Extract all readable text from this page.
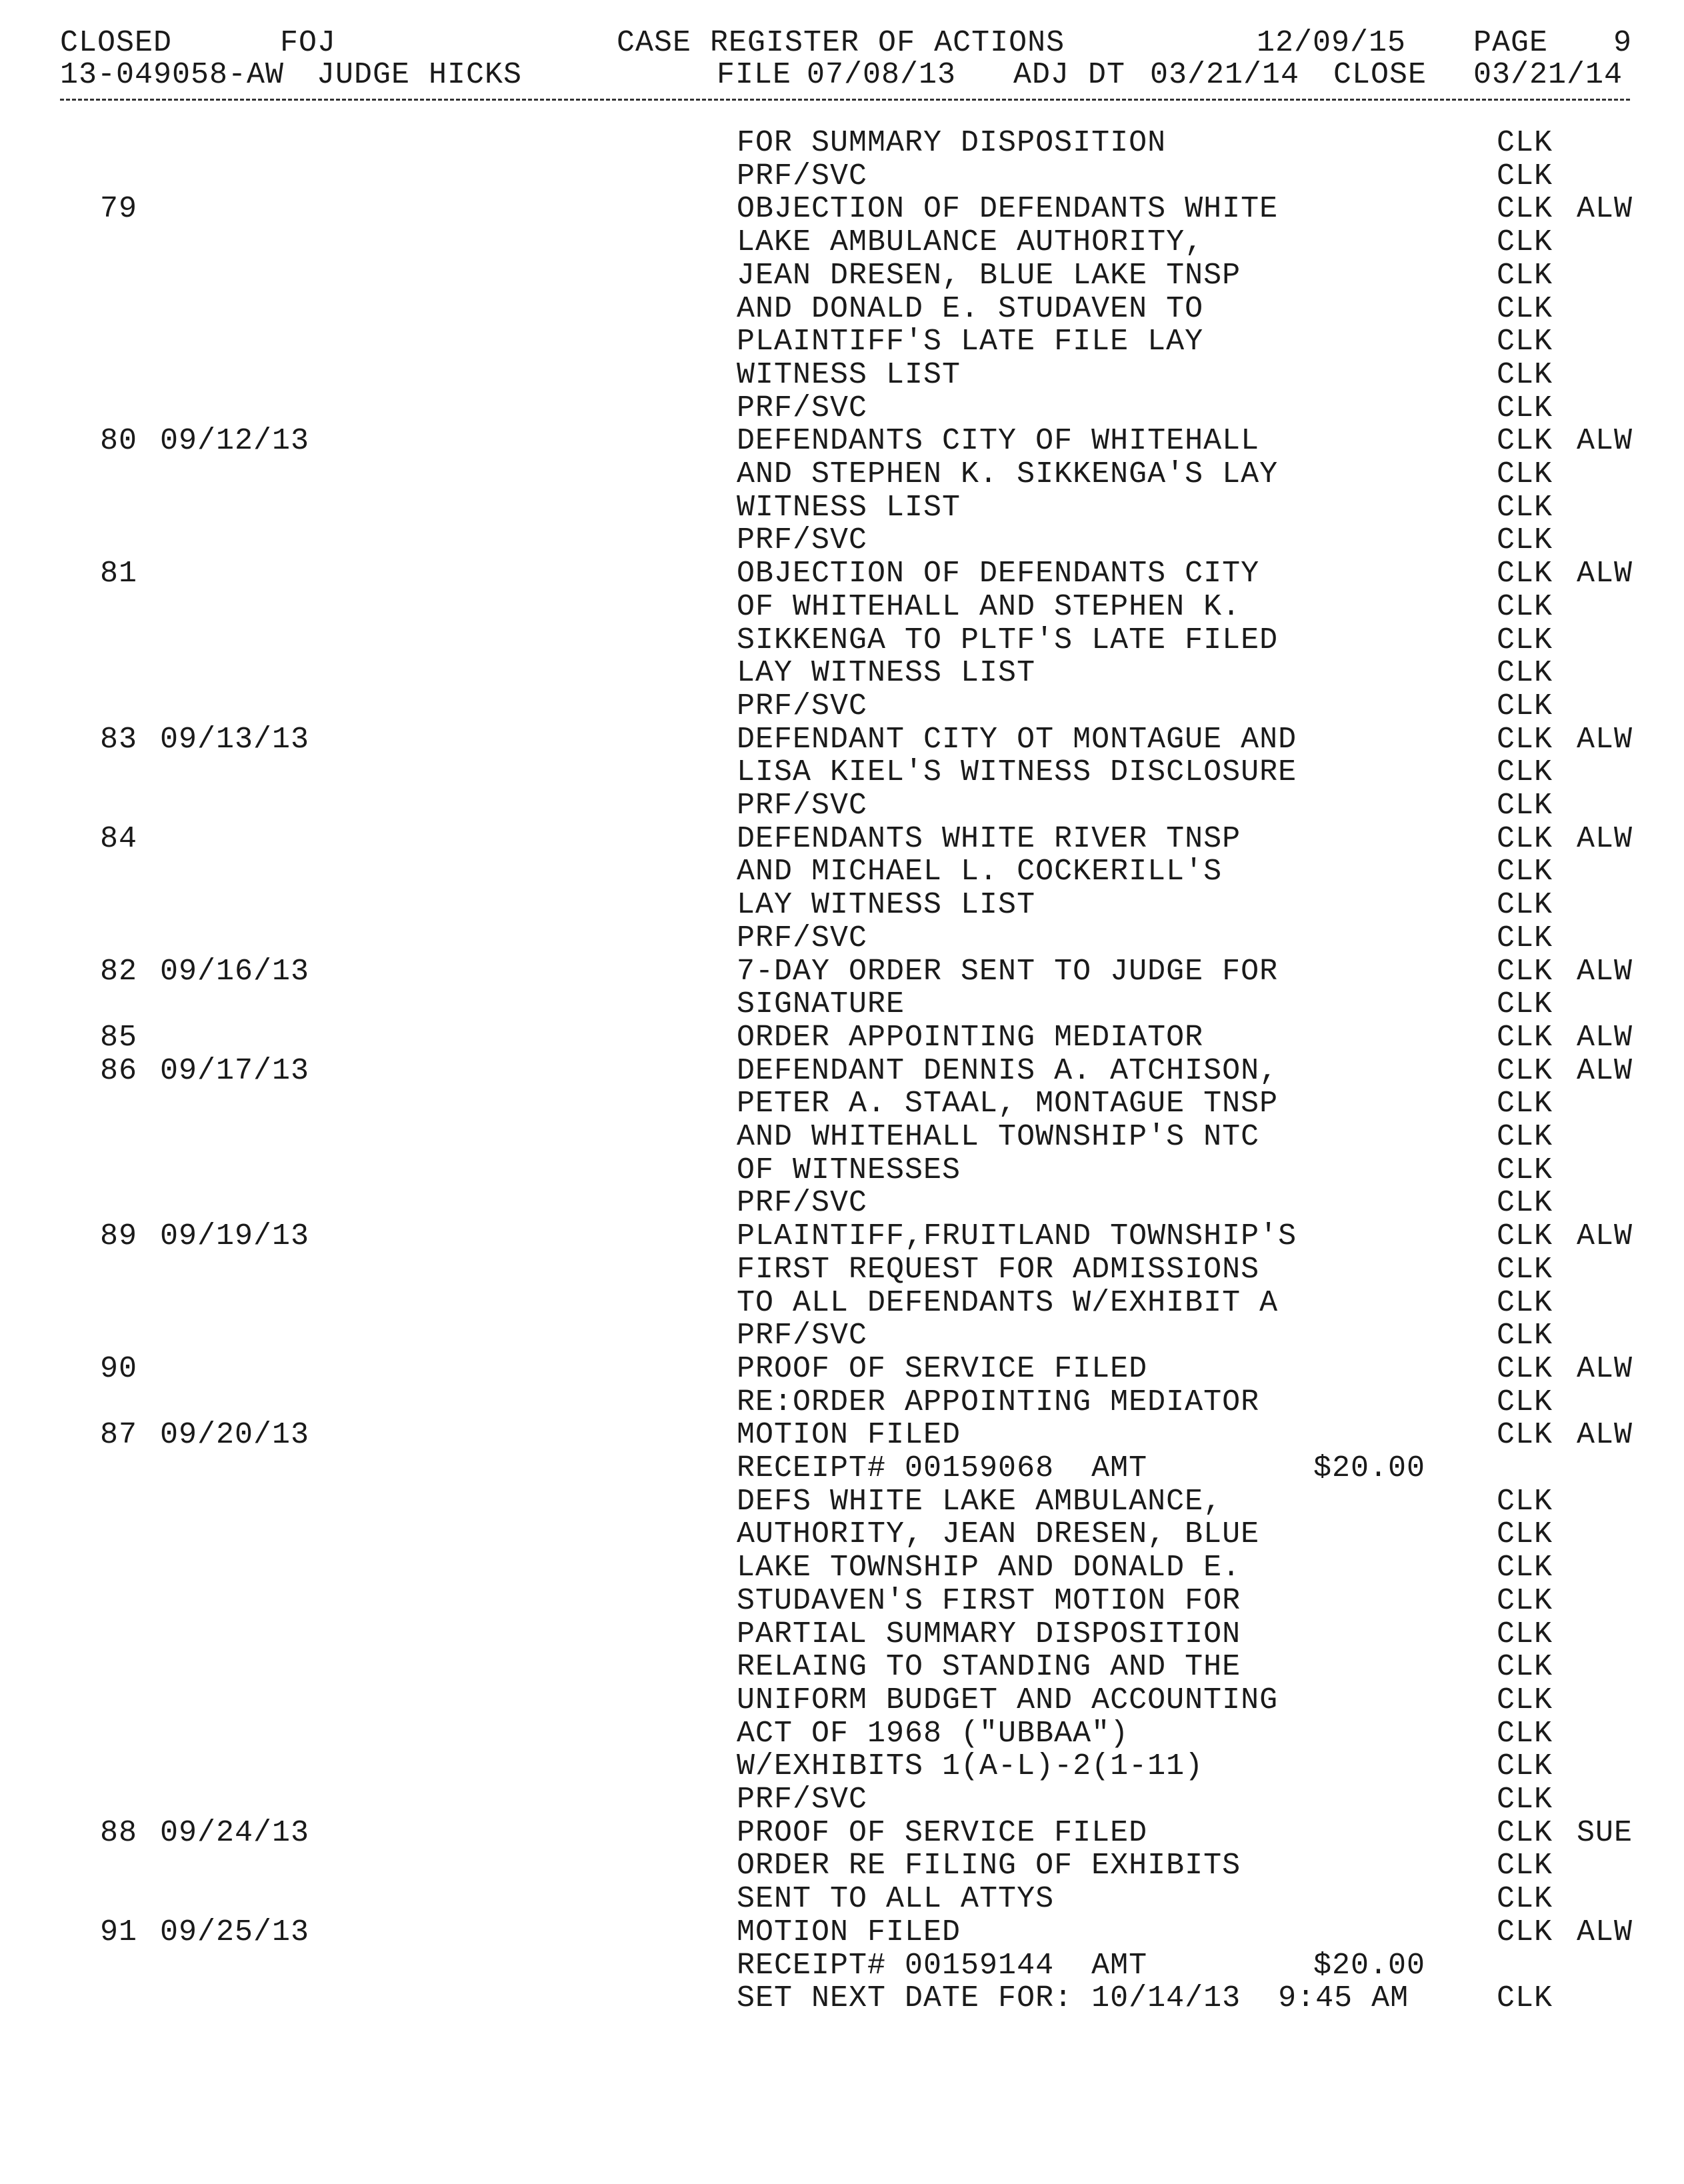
CLOSED	FOJ	CASE REGISTER OF ACTIONS	12/09/15 PAGE 9
13-049058-AW JUDGE HICKS	FILE 07/08/13 ADJ DT 03/21/14 CLOSE 03/21/14
FOR SUMMARY DISPOSITION	CLK
PRF/SVC	CLK
79	OBJECTION OF DEFENDANTS WHITE	CLK ALW
LAKE AMBULANCE AUTHORITY,	CLK
JEAN DRESEN, BLUE LAKE TNSP	CLK
AND DONALD E. STUDAVEN TO	CLK
PLAINTIFF'S LATE FILE LAY	CLK
WITNESS LIST	CLK
PRF/SVC	CLK
80 09/12/13	DEFENDANTS CITY OF WHITEHALL	CLK ALW
AND STEPHEN K. SIKKENGA'S LAY	CLK
WITNESS LIST	CLK
PRF/SVC	CLK
81	OBJECTION OF DEFENDANTS CITY	CLK ALW
OF WHITEHALL AND STEPHEN K.	CLK
SIKKENGA TO PLTF'S LATE FILED	CLK
LAY WITNESS LIST	CLK
PRF/SVC	CLK
83 09/13/13	DEFENDANT CITY OT MONTAGUE AND	CLK ALW
LISA KIEL'S WITNESS DISCLOSURE	CLK
PRF/SVC	CLK
84	DEFENDANTS WHITE RIVER TNSP	CLK ALW
AND MICHAEL L. COCKERILL'S	CLK
LAY WITNESS LIST	CLK
PRF/SVC	CLK
82 09/16/13	7-DAY ORDER SENT TO JUDGE FOR	CLK ALW
SIGNATURE	CLK
85	ORDER APPOINTING MEDIATOR	CLK ALW
86 09/17/13	DEFENDANT DENNIS A. ATCHISON,	CLK ALW
PETER A. STAAL, MONTAGUE TNSP	CLK
AND WHITEHALL TOWNSHIP'S NTC	CLK
OF WITNESSES	CLK
PRF/SVC	CLK
89 09/19/13	PLAINTIFF,FRUITLAND TOWNSHIP'S	CLK ALW
FIRST REQUEST FOR ADMISSIONS	CLK
TO ALL DEFENDANTS W/EXHIBIT A	CLK
PRF/SVC	CLK
90	PROOF OF SERVICE FILED	CLK ALW
RE:ORDER APPOINTING MEDIATOR	CLK
87 09/20/13	MOTION FILED	CLK ALW
RECEIPT# 00159068  AMT	$20.00
DEFS WHITE LAKE AMBULANCE,	CLK
AUTHORITY, JEAN DRESEN, BLUE	CLK
LAKE TOWNSHIP AND DONALD E.	CLK
STUDAVEN'S FIRST MOTION FOR	CLK
PARTIAL SUMMARY DISPOSITION	CLK
RELAING TO STANDING AND THE	CLK
UNIFORM BUDGET AND ACCOUNTING	CLK
ACT OF 1968 ("UBBAA")	CLK
W/EXHIBITS 1(A-L)-2(1-11)	CLK
PRF/SVC	CLK
88 09/24/13	PROOF OF SERVICE FILED	CLK SUE
ORDER RE FILING OF EXHIBITS	CLK
SENT TO ALL ATTYS	CLK
91 09/25/13	MOTION FILED	CLK ALW
RECEIPT# 00159144  AMT	$20.00
SET NEXT DATE FOR: 10/14/13  9:45 AM	CLK
